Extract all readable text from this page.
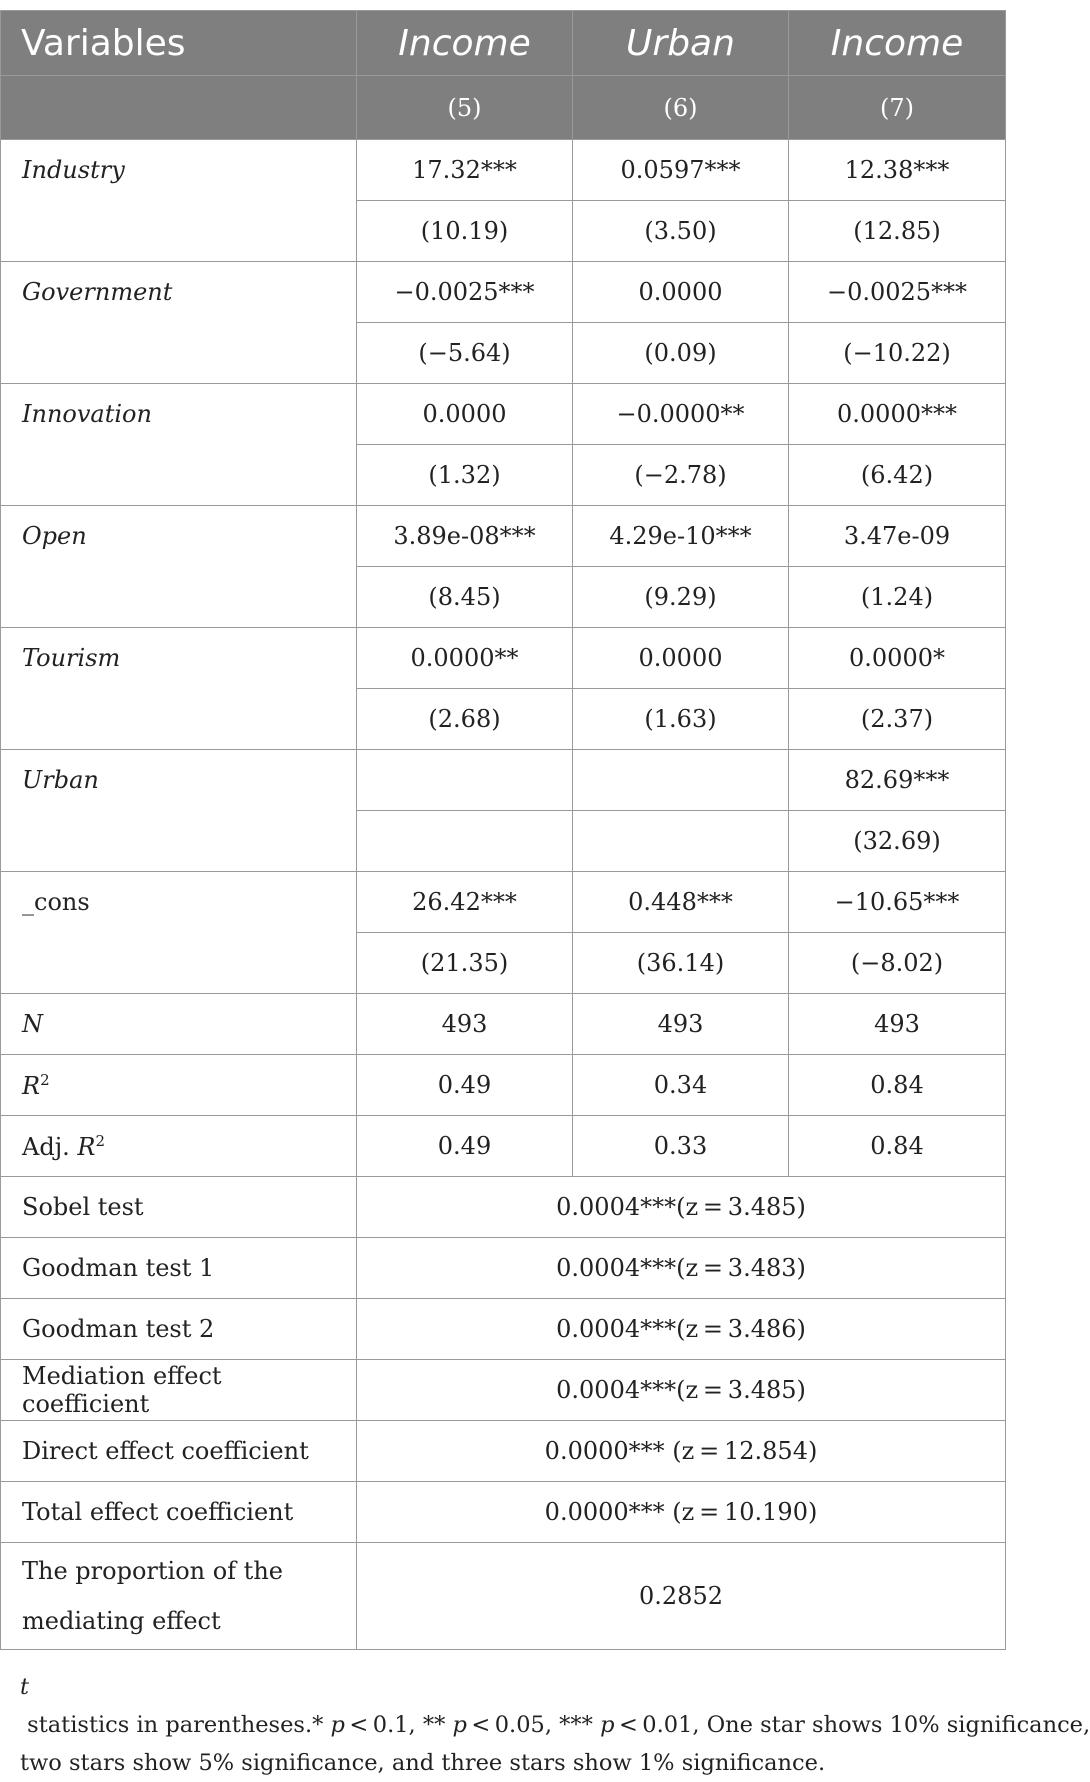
Variables	Income	Urban	Income
	(5)	(6)	(7)
Industry	17.32***	0.0597***	12.38***
	(10.19)	(3.50)	(12.85)
Government	−0.0025***	0.0000	−0.0025***
	(−5.64)	(0.09)	(−10.22)
Innovation	0.0000	−0.0000**	0.0000***
	(1.32)	(−2.78)	(6.42)
Open	3.89e-08***	4.29e-10***	3.47e-09
	(8.45)	(9.29)	(1.24)
Tourism	0.0000**	0.0000	0.0000*
	(2.68)	(1.63)	(2.37)
Urban			82.69***
			(32.69)
_cons	26.42***	0.448***	−10.65***
	(21.35)	(36.14)	(−8.02)
N	493	493	493
$R^2$	0.49	0.34	0.84
Adj. $R^2$	0.49	0.33	0.84
Sobel test	0.0004***(z = 3.485)		
Goodman test 1	0.0004***(z = 3.483)		
Goodman test 2	0.0004***(z = 3.486)		
Mediation effect coefficient	0.0004***(z = 3.485)		
Direct effect coefficient	0.0000*** (z = 12.854)		
Total effect coefficient	0.0000*** (z = 10.190)		
The proportion of the
mediating effect	0.2852		
t statistics in parentheses.* p < 0.1, ** p < 0.05, *** p < 0.01, One star shows 10% significance,
two stars show 5% significance, and three stars show 1% significance.
